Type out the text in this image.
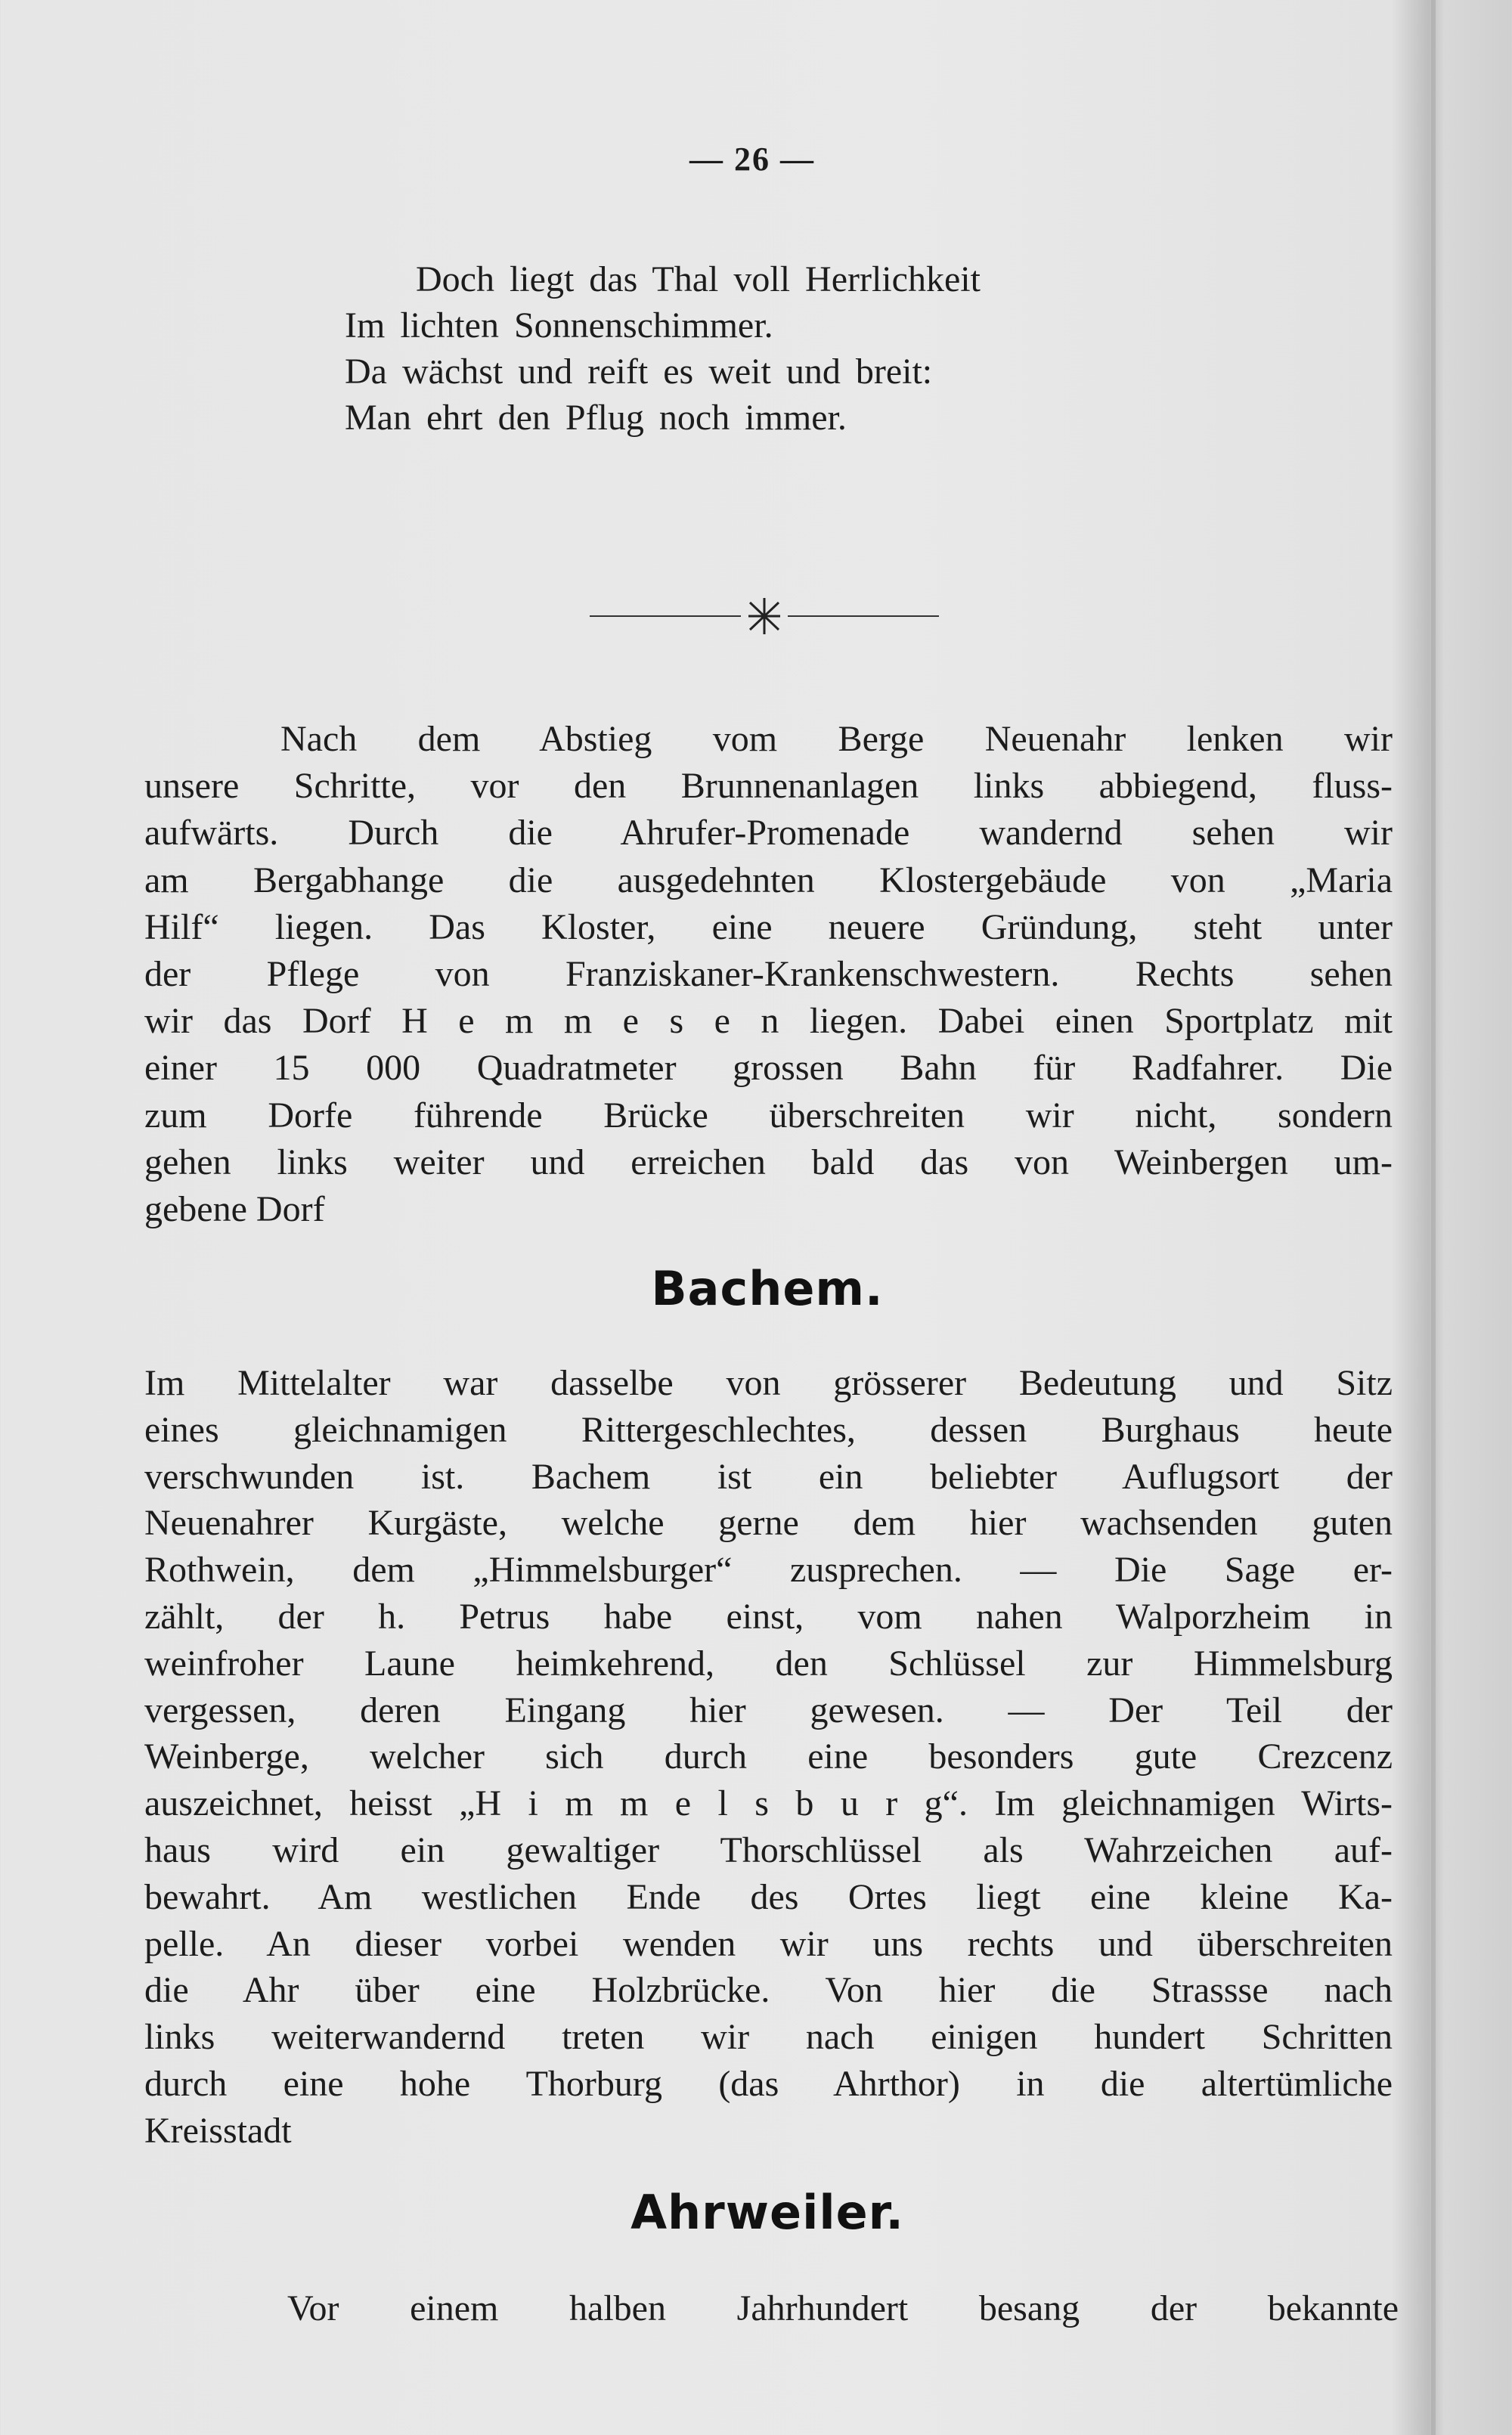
— 26 —
Doch liegt das Thal voll Herrlichkeit
Im lichten Sonnenschimmer.
Da wächst und reift es weit und breit:
Man ehrt den Pflug noch immer.
Nach dem Abstieg vom Berge Neuenahr lenken wir
unsere Schritte, vor den Brunnenanlagen links abbiegend, fluss-
aufwärts. Durch die Ahrufer-Promenade wandernd sehen wir
am Bergabhange die ausgedehnten Klostergebäude von „Maria
Hilf“ liegen. Das Kloster, eine neuere Gründung, steht unter
der Pflege von Franziskaner-Krankenschwestern. Rechts sehen
wir das Dorf H e m m e s e n liegen. Dabei einen Sportplatz mit
einer 15 000 Quadratmeter grossen Bahn für Radfahrer. Die
zum Dorfe führende Brücke überschreiten wir nicht, sondern
gehen links weiter und erreichen bald das von Weinbergen um-
gebene Dorf
Bachem.
Im Mittelalter war dasselbe von grösserer Bedeutung und Sitz
eines gleichnamigen Rittergeschlechtes, dessen Burghaus heute
verschwunden ist. Bachem ist ein beliebter Auflugsort der
Neuenahrer Kurgäste, welche gerne dem hier wachsenden guten
Rothwein, dem „Himmelsburger“ zusprechen. — Die Sage er-
zählt, der h. Petrus habe einst, vom nahen Walporzheim in
weinfroher Laune heimkehrend, den Schlüssel zur Himmelsburg
vergessen, deren Eingang hier gewesen. — Der Teil der
Weinberge, welcher sich durch eine besonders gute Crezcenz
auszeichnet, heisst „H i m m e l s b u r g“. Im gleichnamigen Wirts-
haus wird ein gewaltiger Thorschlüssel als Wahrzeichen auf-
bewahrt. Am westlichen Ende des Ortes liegt eine kleine Ka-
pelle. An dieser vorbei wenden wir uns rechts und überschreiten
die Ahr über eine Holzbrücke. Von hier die Strassse nach
links weiterwandernd treten wir nach einigen hundert Schritten
durch eine hohe Thorburg (das Ahrthor) in die altertümliche
Kreisstadt
Ahrweiler.
Vor einem halben Jahrhundert besang der bekannte
